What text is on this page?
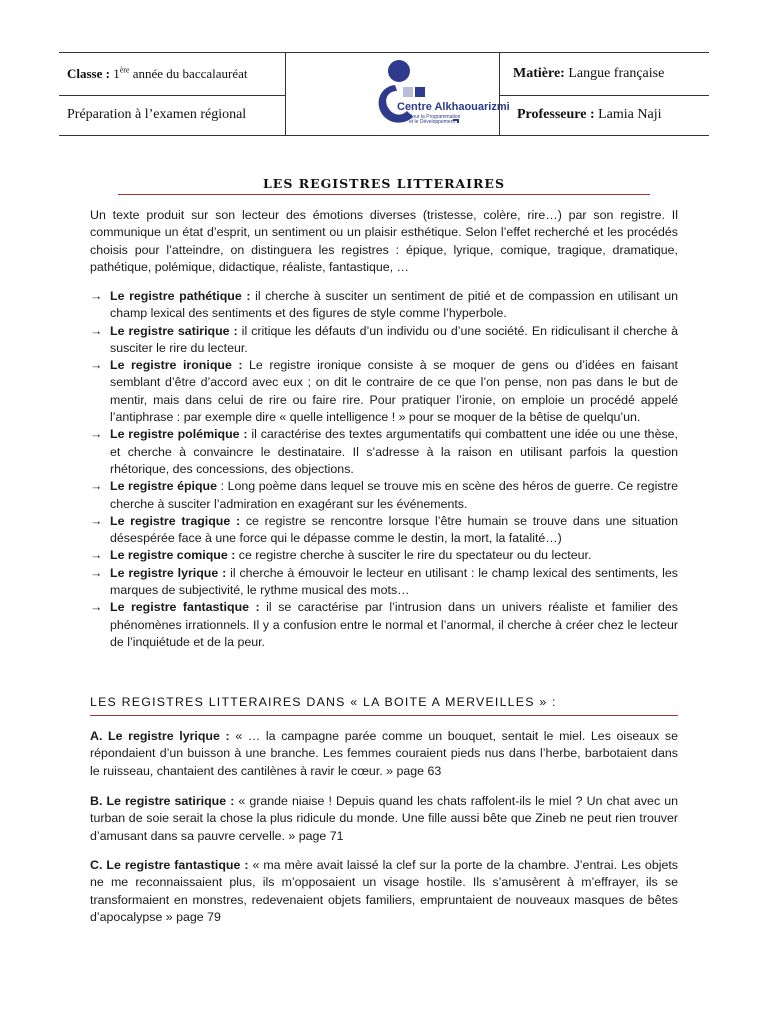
Classe : 1ère année du baccalauréat
Préparation à l’examen régional	Centre Alkhaouarizmi
Pour la Programmation
et le Développement
Matière: Langue française
Professeure : Lamia Naji
LES REGISTRES LITTERAIRES
Un texte produit sur son lecteur des émotions diverses (tristesse, colère, rire…) par son registre. Il communique un état d’esprit, un sentiment ou un plaisir esthétique. Selon l’effet recherché et les procédés choisis pour l’atteindre, on distinguera les registres : épique, lyrique, comique, tragique, dramatique, pathétique, polémique, didactique, réaliste, fantastique, …
→ Le registre pathétique : il cherche à susciter un sentiment de pitié et de compassion en utilisant un champ lexical des sentiments et des figures de style comme l’hyperbole.
→ Le registre satirique : il critique les défauts d’un individu ou d’une société. En ridiculisant il cherche à susciter le rire du lecteur.
→ Le registre ironique : Le registre ironique consiste à se moquer de gens ou d’idées en faisant semblant d’être d’accord avec eux ; on dit le contraire de ce que l’on pense, non pas dans le but de mentir, mais dans celui de rire ou faire rire. Pour pratiquer l’ironie, on emploie un procédé appelé l’antiphrase : par exemple dire « quelle intelligence ! » pour se moquer de la bêtise de quelqu’un.
→ Le registre polémique : il caractérise des textes argumentatifs qui combattent une idée ou une thèse, et cherche à convaincre le destinataire. Il s’adresse à la raison en utilisant parfois la question rhétorique, des concessions, des objections.
→ Le registre épique : Long poème dans lequel se trouve mis en scène des héros de guerre. Ce registre cherche à susciter l’admiration en exagérant sur les événements.
→ Le registre tragique : ce registre se rencontre lorsque l’être humain se trouve dans une situation désespérée face à une force qui le dépasse comme le destin, la mort, la fatalité…)
→ Le registre comique : ce registre cherche à susciter le rire du spectateur ou du lecteur.
→ Le registre lyrique : il cherche à émouvoir le lecteur en utilisant : le champ lexical des sentiments, les marques de subjectivité, le rythme musical des mots…
→ Le registre fantastique : il se caractérise par l’intrusion dans un univers réaliste et familier des phénomènes irrationnels. Il y a confusion entre le normal et l’anormal, il cherche à créer chez le lecteur de l’inquiétude et de la peur.
LES REGISTRES LITTERAIRES DANS « LA BOITE A MERVEILLES » :
A. Le registre lyrique : « … la campagne parée comme un bouquet, sentait le miel. Les oiseaux se répondaient d’un buisson à une branche. Les femmes couraient pieds nus dans l’herbe, barbotaient dans le ruisseau, chantaient des cantilènes à ravir le cœur. » page 63
B. Le registre satirique : « grande niaise ! Depuis quand les chats raffolent-ils le miel ? Un chat avec un turban de soie serait la chose la plus ridicule du monde. Une fille aussi bête que Zineb ne peut rien trouver d’amusant dans sa pauvre cervelle. » page 71
C. Le registre fantastique : « ma mère avait laissé la clef sur la porte de la chambre. J’entrai. Les objets ne me reconnaissaient plus, ils m’opposaient un visage hostile. Ils s’amusèrent à m’effrayer, ils se transformaient en monstres, redevenaient objets familiers, empruntaient de nouveaux masques de bêtes d’apocalypse » page 79
